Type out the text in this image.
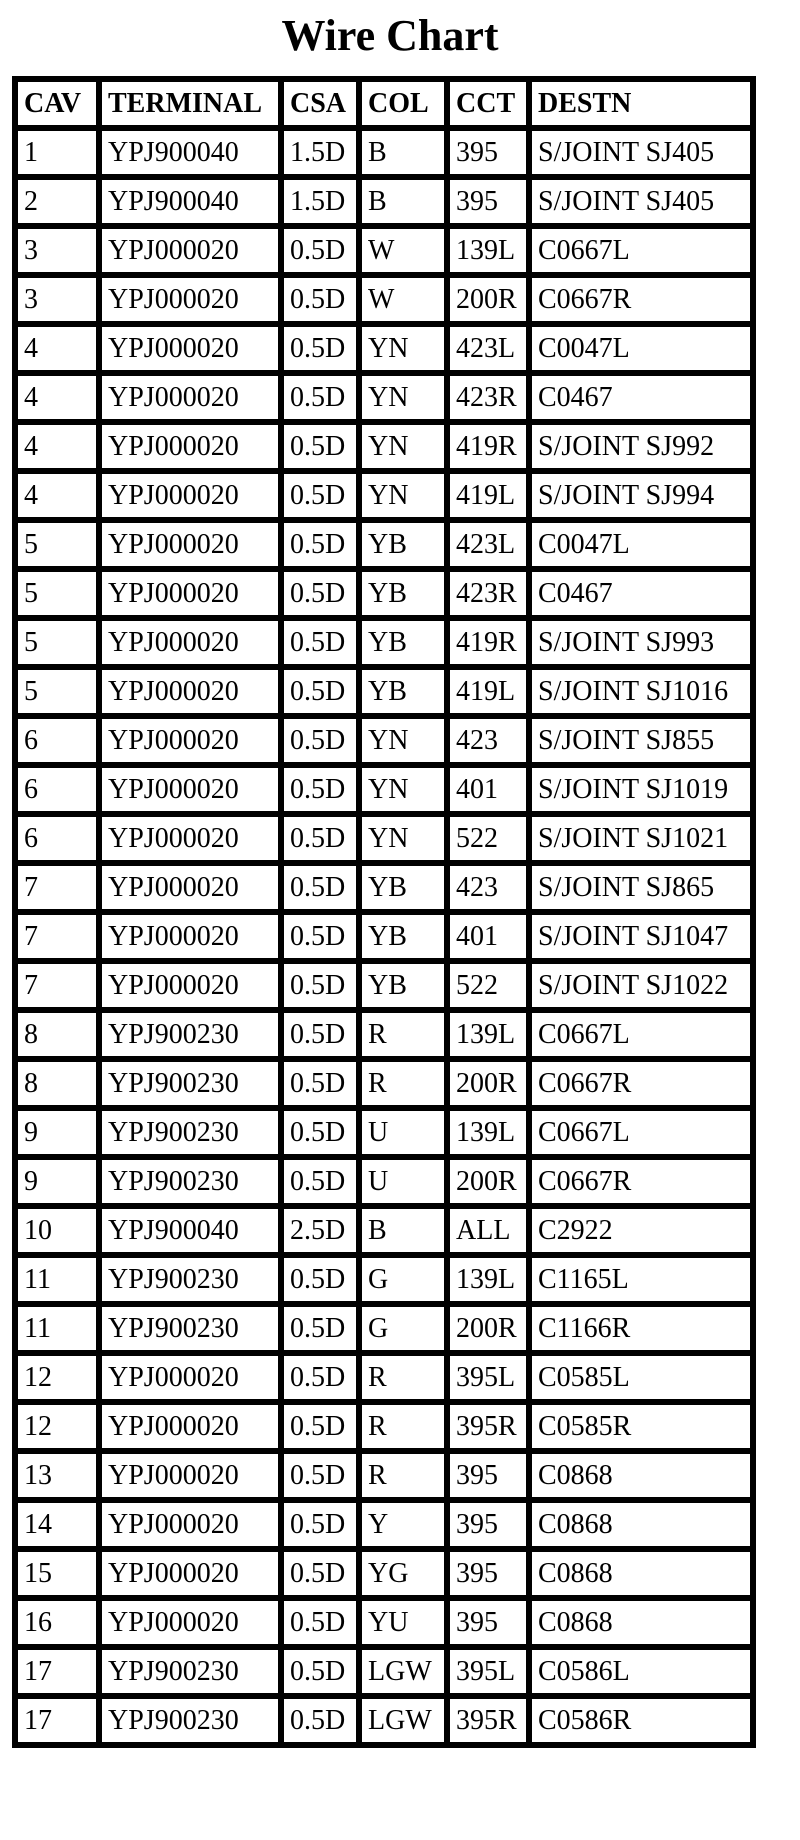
Wire Chart
CAV	TERMINAL	CSA	COL	CCT	DESTN
1	YPJ900040	1.5D	B	395	S/JOINT SJ405
2	YPJ900040	1.5D	B	395	S/JOINT SJ405
3	YPJ000020	0.5D	W	139L	C0667L
3	YPJ000020	0.5D	W	200R	C0667R
4	YPJ000020	0.5D	YN	423L	C0047L
4	YPJ000020	0.5D	YN	423R	C0467
4	YPJ000020	0.5D	YN	419R	S/JOINT SJ992
4	YPJ000020	0.5D	YN	419L	S/JOINT SJ994
5	YPJ000020	0.5D	YB	423L	C0047L
5	YPJ000020	0.5D	YB	423R	C0467
5	YPJ000020	0.5D	YB	419R	S/JOINT SJ993
5	YPJ000020	0.5D	YB	419L	S/JOINT SJ1016
6	YPJ000020	0.5D	YN	423	S/JOINT SJ855
6	YPJ000020	0.5D	YN	401	S/JOINT SJ1019
6	YPJ000020	0.5D	YN	522	S/JOINT SJ1021
7	YPJ000020	0.5D	YB	423	S/JOINT SJ865
7	YPJ000020	0.5D	YB	401	S/JOINT SJ1047
7	YPJ000020	0.5D	YB	522	S/JOINT SJ1022
8	YPJ900230	0.5D	R	139L	C0667L
8	YPJ900230	0.5D	R	200R	C0667R
9	YPJ900230	0.5D	U	139L	C0667L
9	YPJ900230	0.5D	U	200R	C0667R
10	YPJ900040	2.5D	B	ALL	C2922
11	YPJ900230	0.5D	G	139L	C1165L
11	YPJ900230	0.5D	G	200R	C1166R
12	YPJ000020	0.5D	R	395L	C0585L
12	YPJ000020	0.5D	R	395R	C0585R
13	YPJ000020	0.5D	R	395	C0868
14	YPJ000020	0.5D	Y	395	C0868
15	YPJ000020	0.5D	YG	395	C0868
16	YPJ000020	0.5D	YU	395	C0868
17	YPJ900230	0.5D	LGW	395L	C0586L
17	YPJ900230	0.5D	LGW	395R	C0586R
